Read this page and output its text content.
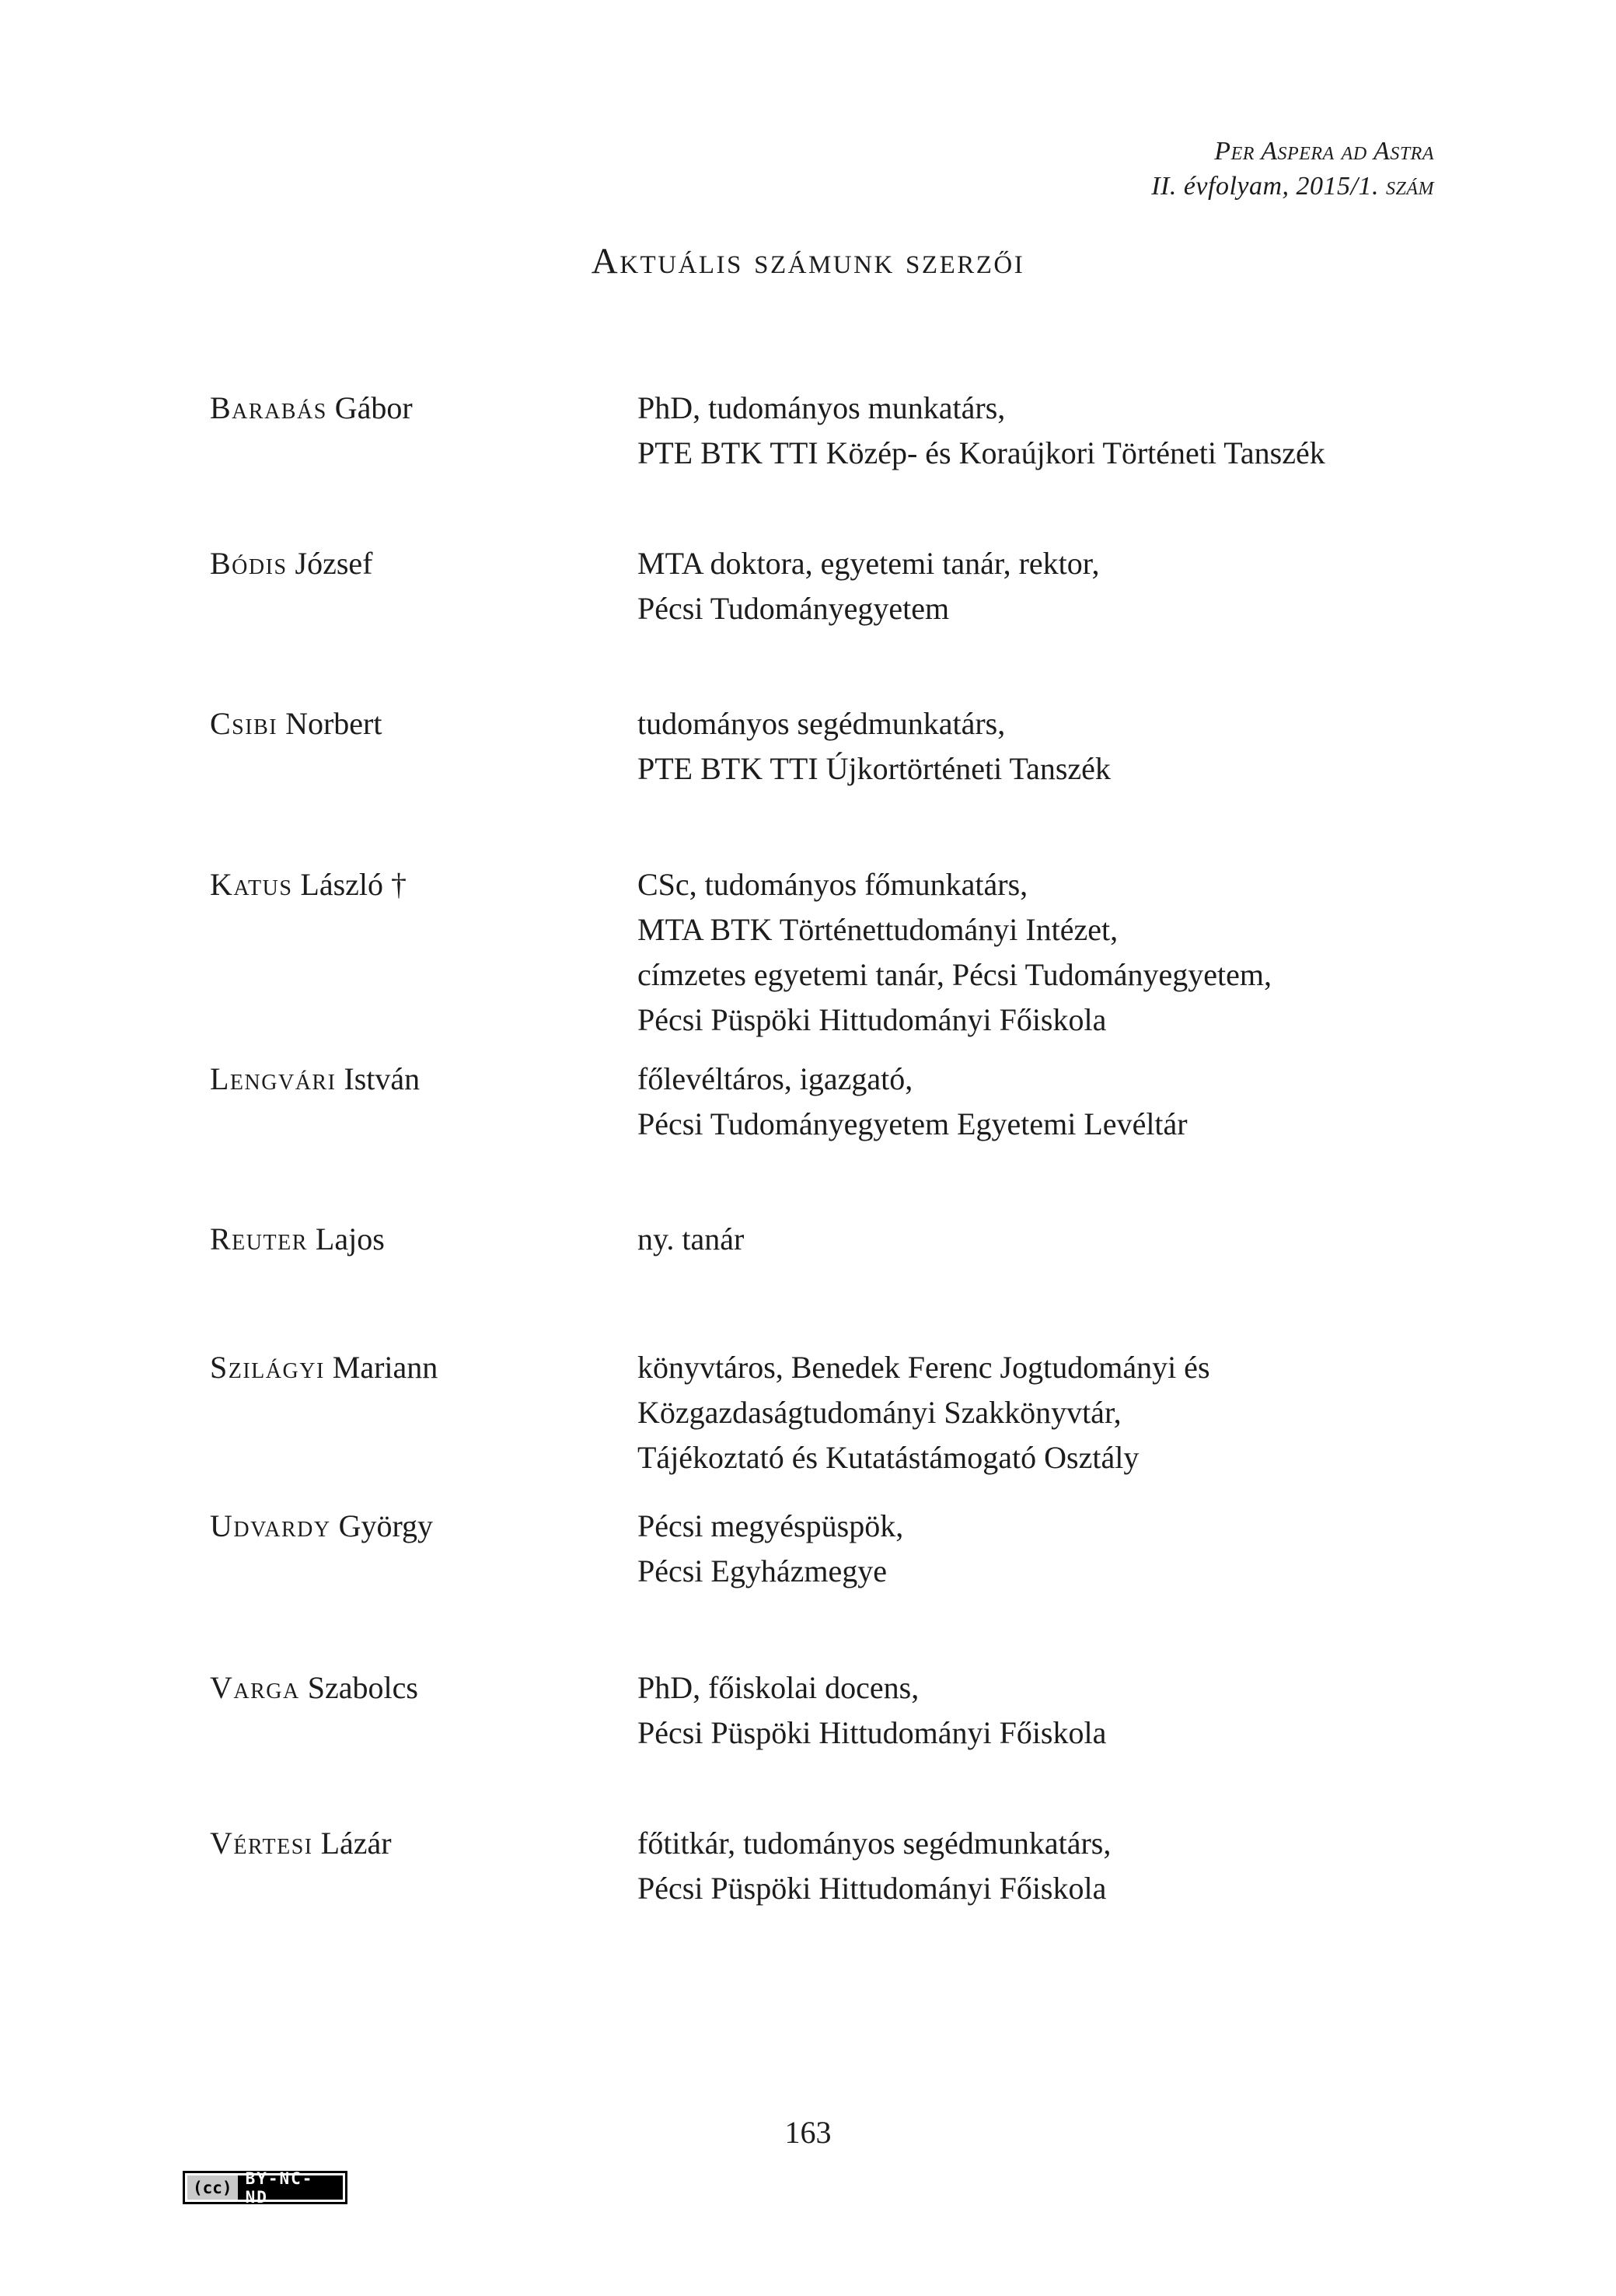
Per Aspera ad Astra
II. évfolyam, 2015/1. szám
Aktuális számunk szerzői
Barabás Gábor	PhD, tudományos munkatárs,
PTE BTK TTI Közép- és Koraújkori Történeti Tanszék
Bódis József	MTA doktora, egyetemi tanár, rektor,
Pécsi Tudományegyetem
Csibi Norbert	tudományos segédmunkatárs,
PTE BTK TTI Újkortörténeti Tanszék
Katus László †	CSc, tudományos főmunkatárs,
MTA BTK Történettudományi Intézet,
címzetes egyetemi tanár, Pécsi Tudományegyetem,
Pécsi Püspöki Hittudományi Főiskola
Lengvári István	főlevéltáros, igazgató,
Pécsi Tudományegyetem Egyetemi Levéltár
Reuter Lajos	ny. tanár
Szilágyi Mariann	könyvtáros, Benedek Ferenc Jogtudományi és
Közgazdaságtudományi Szakkönyvtár,
Tájékoztató és Kutatástámogató Osztály
Udvardy György	Pécsi megyéspüspök,
Pécsi Egyházmegye
Varga Szabolcs	PhD, főiskolai docens,
Pécsi Püspöki Hittudományi Főiskola
Vértesi Lázár	főtitkár, tudományos segédmunkatárs,
Pécsi Püspöki Hittudományi Főiskola
163
(cc) BY-NC-ND
